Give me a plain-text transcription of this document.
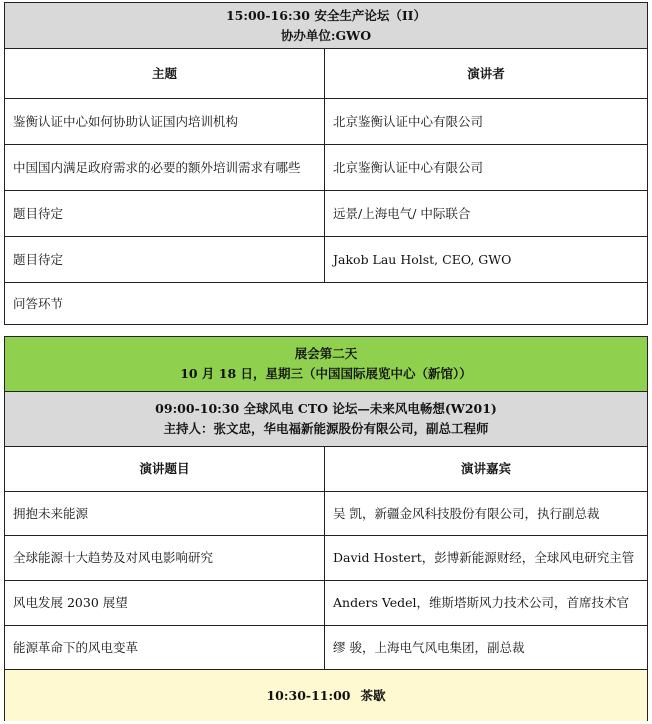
15:00-16:30 安全生产论坛（II）
协办单位:GWO
主题	演讲者
鉴衡认证中心如何协助认证国内培训机构	北京鉴衡认证中心有限公司
中国国内满足政府需求的必要的额外培训需求有哪些	北京鉴衡认证中心有限公司
题目待定	远景/上海电气/ 中际联合
题目待定	Jakob Lau Holst, CEO, GWO
问答环节
展会第二天
10 月 18 日，星期三（中国国际展览中心（新馆））
09:00-10:30 全球风电 CTO 论坛—未来风电畅想(W201)
主持人：张文忠，华电福新能源股份有限公司，副总工程师
演讲题目	演讲嘉宾
拥抱未来能源	吴 凯，新疆金风科技股份有限公司，执行副总裁
全球能源十大趋势及对风电影响研究	David Hostert，彭博新能源财经，全球风电研究主管
风电发展 2030 展望	Anders Vedel，维斯塔斯风力技术公司，首席技术官
能源革命下的风电变革	缪 骏，上海电气风电集团，副总裁
10:30-11:00 茶歇
